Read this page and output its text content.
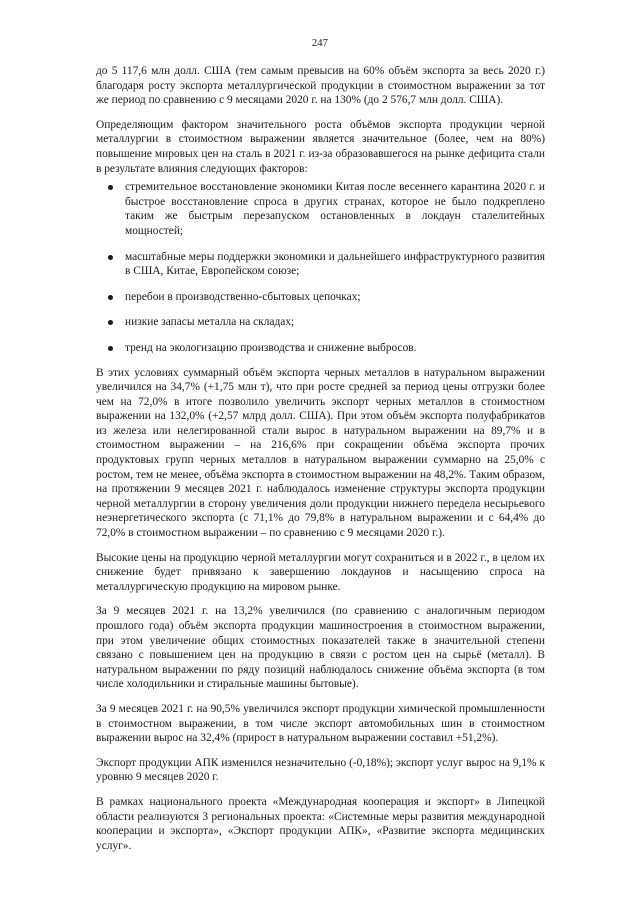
247

до 5 117,6 млн долл. США (тем самым превысив на 60% объём экспорта за весь 2020 г.) благодаря росту экспорта металлургической продукции в стоимостном выражении за тот же период по сравнению с 9 месяцами 2020 г. на 130% (до 2 576,7 млн долл. США).

Определяющим фактором значительного роста объёмов экспорта продукции черной металлургии в стоимостном выражении является значительное (более, чем на 80%) повышение мировых цен на сталь в 2021 г. из-за образовавшегося на рынке дефицита стали в результате влияния следующих факторов:

стремительное восстановление экономики Китая после весеннего карантина 2020 г. и быстрое восстановление спроса в других странах, которое не было подкреплено таким же быстрым перезапуском остановленных в локдаун сталелитейных мощностей;
масштабные меры поддержки экономики и дальнейшего инфраструктурного развития в США, Китае, Европейском союзе;
перебои в производственно-сбытовых цепочках;
низкие запасы металла на складах;
тренд на экологизацию производства и снижение выбросов.

В этих условиях суммарный объём экспорта черных металлов в натуральном выражении увеличился на 34,7% (+1,75 млн т), что при росте средней за период цены отгрузки более чем на 72,0% в итоге позволило увеличить экспорт черных металлов в стоимостном выражении на 132,0% (+2,57 млрд долл. США). При этом объём экспорта полуфабрикатов из железа или нелегированной стали вырос в натуральном выражении на 89,7% и в стоимостном выражении – на 216,6% при сокращении объёма экспорта прочих продуктовых групп черных металлов в натуральном выражении суммарно на 25,0% с ростом, тем не менее, объёма экспорта в стоимостном выражении на 48,2%. Таким образом, на протяжении 9 месяцев 2021 г. наблюдалось изменение структуры экспорта продукции черной металлургии в сторону увеличения доли продукции нижнего передела несырьевого неэнергетического экспорта (с 71,1% до 79,8% в натуральном выражении и с 64,4% до 72,0% в стоимостном выражении – по сравнению с 9 месяцами 2020 г.).

Высокие цены на продукцию черной металлургии могут сохраниться и в 2022 г., в целом их снижение будет привязано к завершению локдаунов и насыщению спроса на металлургическую продукцию на мировом рынке.

За 9 месяцев 2021 г. на 13,2% увеличился (по сравнению с аналогичным периодом прошлого года) объём экспорта продукции машиностроения в стоимостном выражении, при этом увеличение общих стоимостных показателей также в значительной степени связано с повышением цен на продукцию в связи с ростом цен на сырьё (металл). В натуральном выражении по ряду позиций наблюдалось снижение объёма экспорта (в том числе холодильники и стиральные машины бытовые).

За 9 месяцев 2021 г. на 90,5% увеличился экспорт продукции химической промышленности в стоимостном выражении, в том числе экспорт автомобильных шин в стоимостном выражении вырос на 32,4% (прирост в натуральном выражении составил +51,2%).

Экспорт продукции АПК изменился незначительно (-0,18%); экспорт услуг вырос на 9,1% к уровню 9 месяцев 2020 г.

В рамках национального проекта «Международная кооперация и экспорт» в Липецкой области реализуются 3 региональных проекта: «Системные меры развития международной кооперации и экспорта», «Экспорт продукции АПК», «Развитие экспорта медицинских услуг».
